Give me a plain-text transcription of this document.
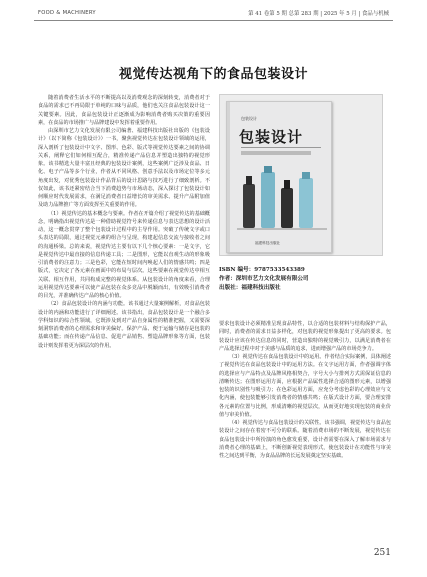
FOOD & MACHINERY	第 41 卷第 5 期 总第 283 期 | 2025 年 5 月 | 食品与机械
视觉传达视角下的食品包装设计

随着消费者生活水平的不断提高以及消费观念的深刻转变，消费者对于食品的需求已不再局限于单纯的口味与品质，他们也关注食品包装设计这一关键要素。因此，食品包装设计正逐渐成为影响消费者购买决策的重要因素，在食品的市场推广与品牌建设中发挥着重要作用。

由深圳市艺力文化发展有限公司编著、福建科技出版社出版的《包装设计》（以下简称《包装设计》）一书，聚焦视觉传达在包装设计领域的运用，深入剖析了包装设计中文字、图形、色彩、版式等视觉传达要素之间的协调关系，阐释它们如何相互配合，精准传递产品信息并塑造出独特的视觉形象。该书精选大量丰富且经典的包装设计案例，这些案例广泛涉及食品、日化、电子产品等多个行业，作者从不同风格、创意手法以及市场定位等多元角度出发，对优秀包装设计作品背后的设计思路与技巧进行了细致剖析。不仅如此，该书还紧密结合当下消费趋势与市场动态，深入探讨了包装设计如何顺应时代发展需求，在满足消费者日益增长的审美需求、提升产品附加值及助力品牌推广等方面发挥至关重要的作用。

（1）视觉传达的基本概念与要素。作者在开篇介绍了视觉传达的基础概念，明确指出视觉传达是一种借助视觉符号来传递信息与表达思想的设计活动，这一概念贯穿了整个包装设计过程中的主导作用。突破了传统文字或口头表达的局限，通过视觉元素的组合与呈现，构建起信息交流与接收者之间的沟通桥梁。总的来说，视觉传达主要有以下几个核心要素：一是文字，它是视觉传达中最直接的信息传递工具；二是图形，它能以直观生动的形象吸引消费者的注意力；三是色彩，它能在短时间内唤起人们的情感共鸣；四是版式，它决定了各元素在画面中的布局与层次。这些要素在视觉传达中相互关联、相互作用，共同构成完整的视觉体系。从包装设计的角度来看，合理运用视觉传达要素可以使产品包装在众多竞品中脱颖而出，有效吸引消费者的目光，并准确传达产品的核心价值。

（2）食品包装设计的内涵与功能。该书通过大量案例解析，对食品包装设计的内涵和功能进行了详细阐述。该书指出，食品包装设计是一个融合多学科知识的综合性领域，它既涉及到对产品自身属性的精准把握，又需要深刻洞察消费者的心理需求和审美偏好。保护产品、便于运输与储存是包装的基础功能；而在传递产品信息、促进产品销售、塑造品牌形象等方面，包装设计则发挥着更为深层次的作用。

包装设计
包装设计
福建科技出版社
ISBN 编号：9787533543389
作者：深圳市艺力文化发展有限公司
出版社：福建科技出版社

要求包装设计必须精准呈现食品特性，以合适的包装材料与结构保护产品，同时，消费者的需求日益多样化，对包装的视觉形象提出了更高的要求。包装设计应该在传达信息的同时，营造出独特的视觉吸引力，以满足消费者在产品选择过程中对于美感与品质的追求，进而增强产品的市场竞争力。

（3）视觉传达在食品包装设计中的运用。作者结合实际案例，具体阐述了视觉传达在食品包装设计中的运用方法。在文字运用方面，作者强调字体的选择应与产品特点及品牌风格相契合，字号大小与排列方式需保证信息的清晰传达；在图形运用方面，应根据产品属性选择合适的图形元素，以增强包装的识别性与吸引力；在色彩运用方面，应充分考虑色彩的心理效应与文化内涵，使包装能够引发消费者的情感共鸣；在版式设计方面，要合理安排各元素的位置与比例，形成清晰的视觉层次，从而更好地实现包装的商业价值与审美价值。

（4）视觉传达与食品包装设计的关联性。该书强调，视觉传达与食品包装设计之间存在着密不可分的联系。随着消费市场的不断发展，视觉传达在食品包装设计中所扮演的角色愈发重要，设计者需要在深入了解市场需求与消费者心理的基础上，不断创新视觉表现形式，使包装设计在功能性与审美性之间达到平衡，为食品品牌的长远发展奠定坚实基础。

251
